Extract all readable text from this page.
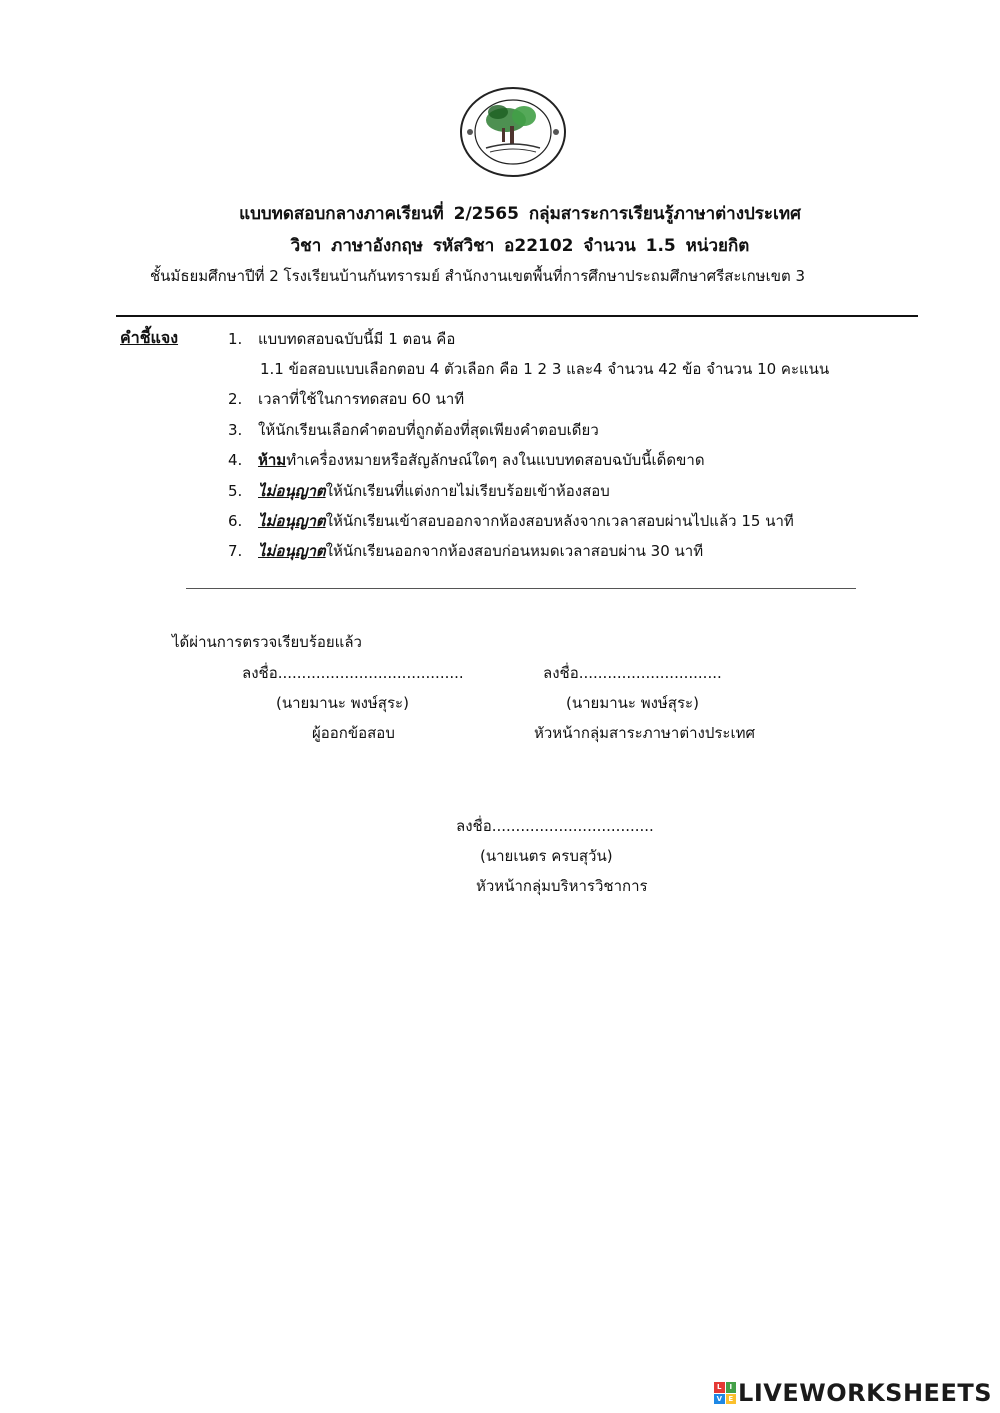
แบบทดสอบกลางภาคเรียนที่ 2/2565 กลุ่มสาระการเรียนรู้ภาษาต่างประเทศ
วิชา ภาษาอังกฤษ รหัสวิชา อ22102 จำนวน 1.5 หน่วยกิต
ชั้นมัธยมศึกษาปีที่ 2 โรงเรียนบ้านกันทรารมย์ สำนักงานเขตพื้นที่การศึกษาประถมศึกษาศรีสะเกษเขต 3
คำชี้แจง	1. แบบทดสอบฉบับนี้มี 1 ตอน คือ
1.1 ข้อสอบแบบเลือกตอบ 4 ตัวเลือก คือ 1 2 3 และ4 จำนวน 42 ข้อ จำนวน 10 คะแนน
2. เวลาที่ใช้ในการทดสอบ 60 นาที
3. ให้นักเรียนเลือกคำตอบที่ถูกต้องที่สุดเพียงคำตอบเดียว
4. ห้ามทำเครื่องหมายหรือสัญลักษณ์ใดๆ ลงในแบบทดสอบฉบับนี้เด็ดขาด
5. ไม่อนุญาตให้นักเรียนที่แต่งกายไม่เรียบร้อยเข้าห้องสอบ
6. ไม่อนุญาตให้นักเรียนเข้าสอบออกจากห้องสอบหลังจากเวลาสอบผ่านไปแล้ว 15 นาที
7. ไม่อนุญาตให้นักเรียนออกจากห้องสอบก่อนหมดเวลาสอบผ่าน 30 นาที
ได้ผ่านการตรวจเรียบร้อยแล้ว
ลงชื่อ.......................................
(นายมานะ พงษ์สุระ)
ผู้ออกข้อสอบ
ลงชื่อ..............................
(นายมานะ พงษ์สุระ)
หัวหน้ากลุ่มสาระภาษาต่างประเทศ
ลงชื่อ..................................
(นายเนตร ครบสุวัน)
หัวหน้ากลุ่มบริหารวิชาการ
L	I
V E LIVEWORKSHEETS
